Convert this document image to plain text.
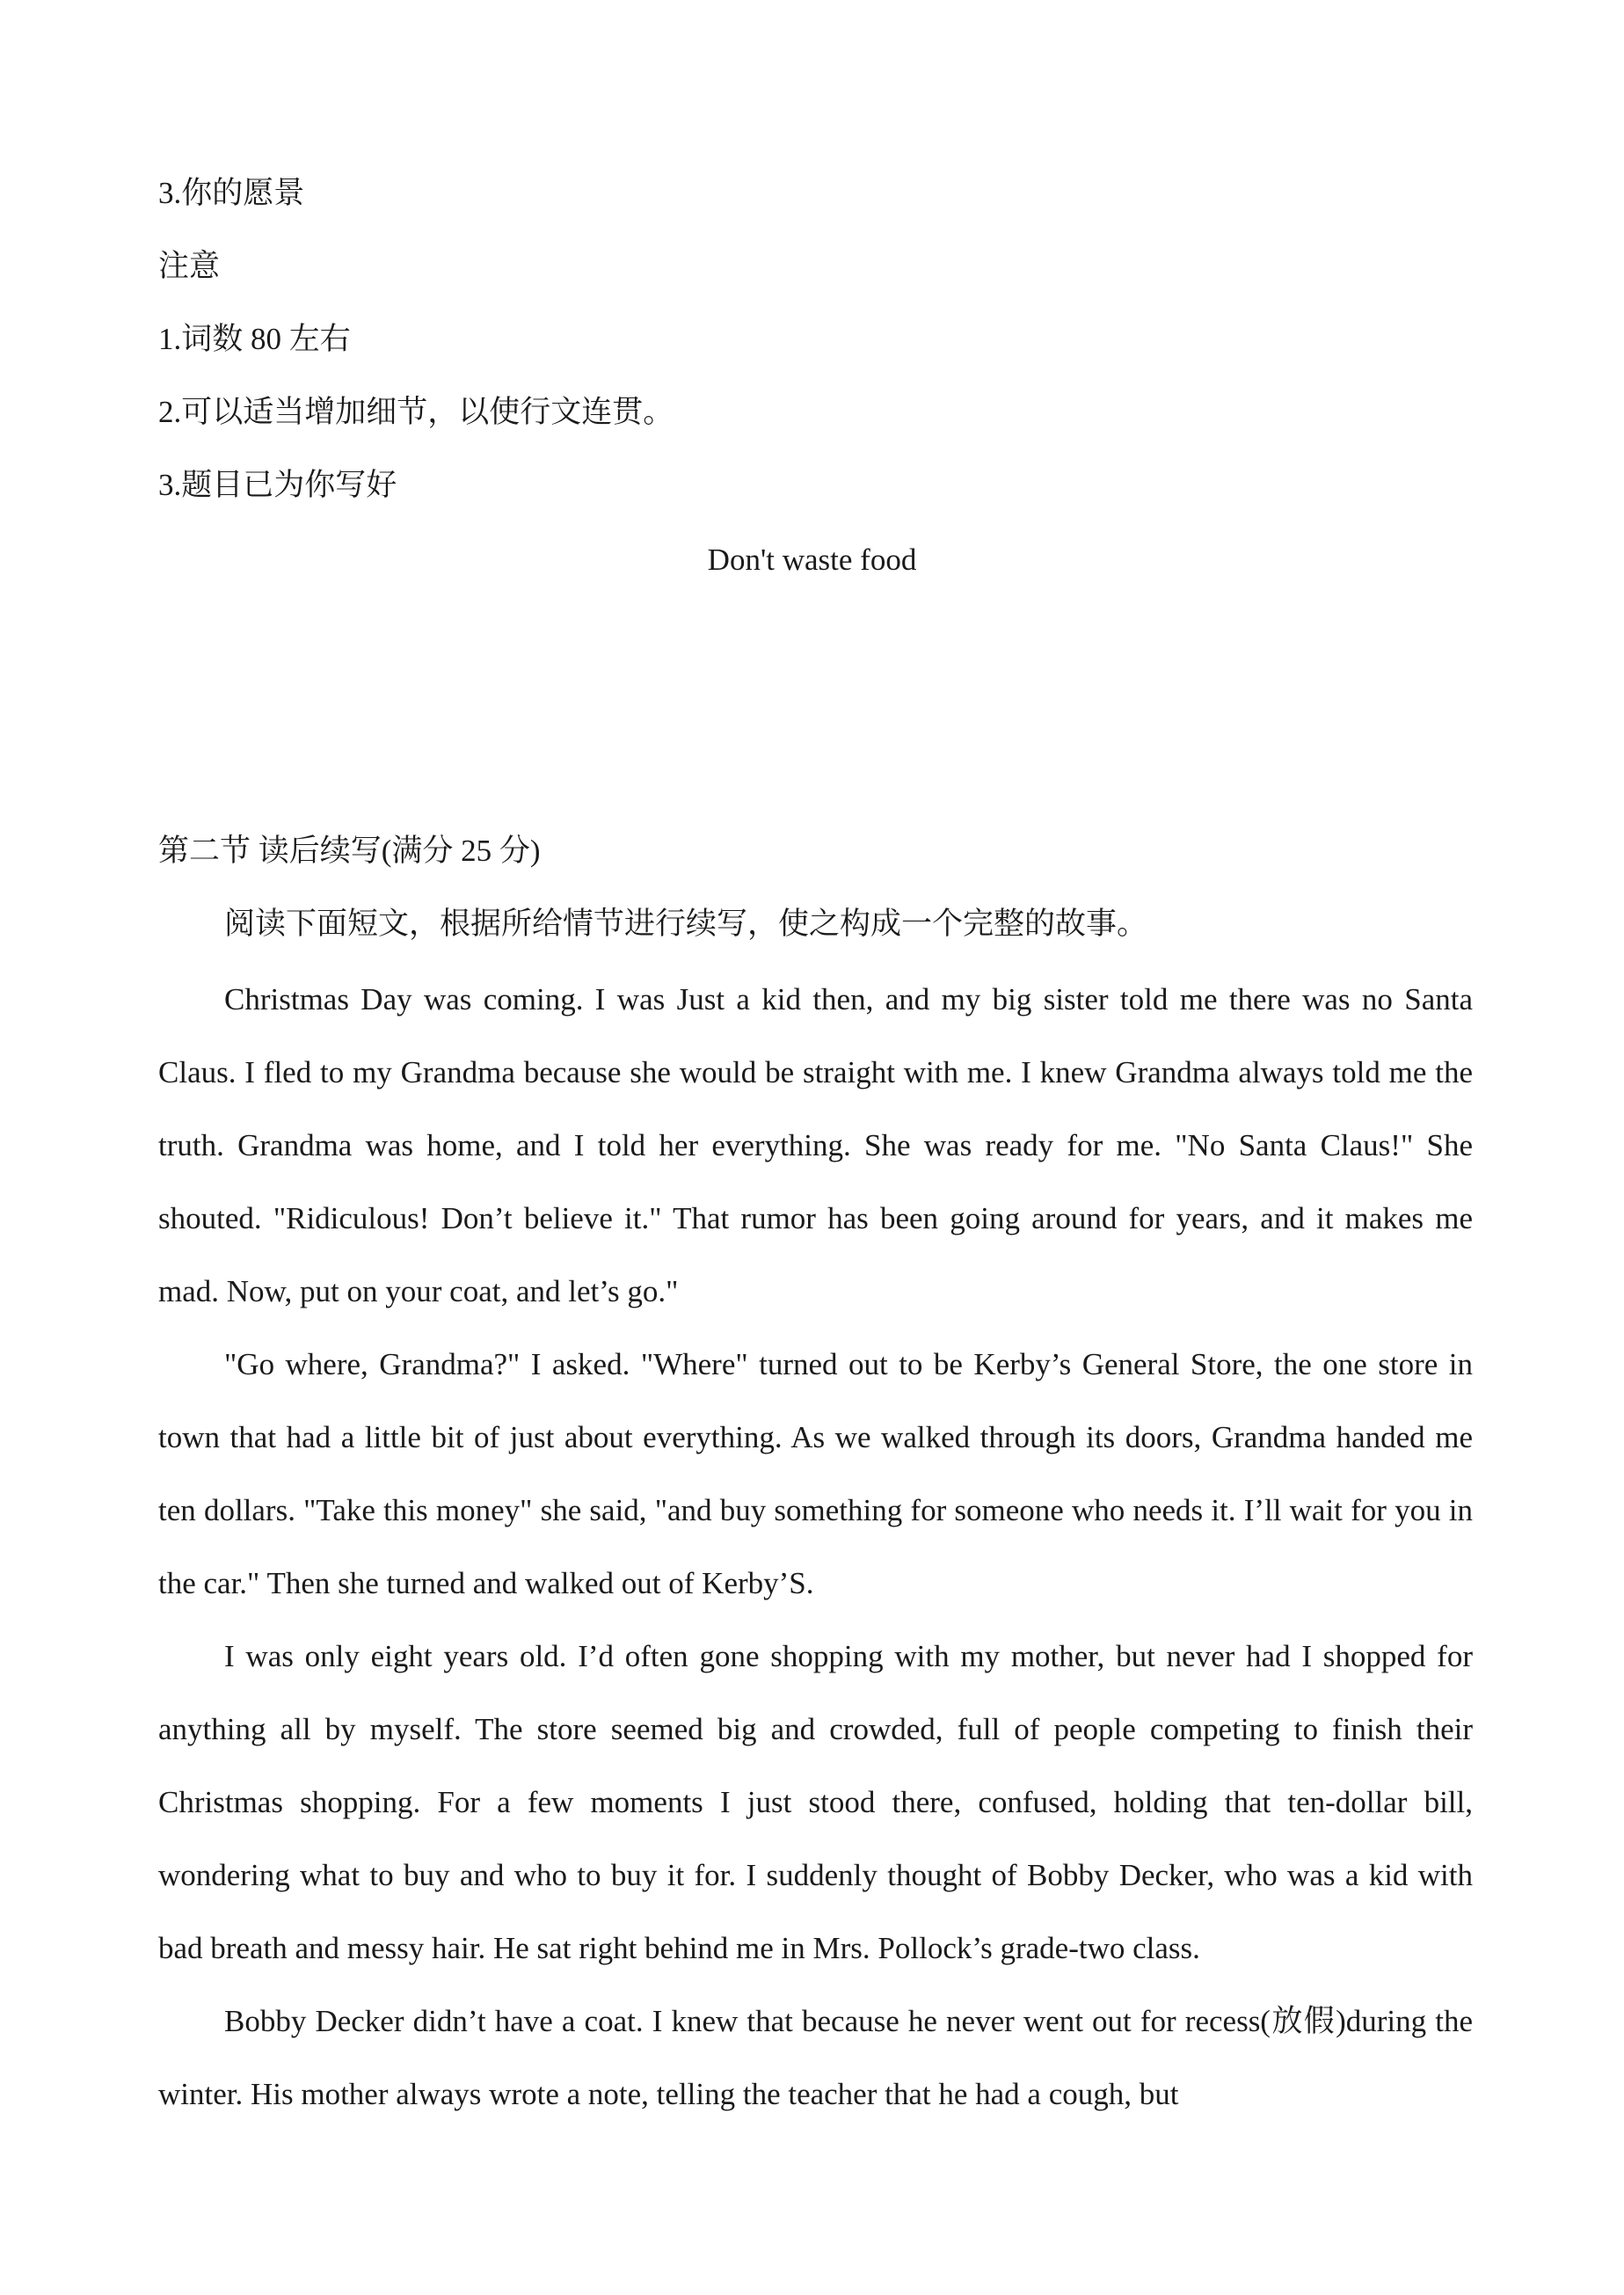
3.你的愿景
注意
1.词数 80 左右
2.可以适当增加细节，以使行文连贯。
3.题目已为你写好
Don't waste food
第二节 读后续写(满分 25 分)
阅读下面短文，根据所给情节进行续写，使之构成一个完整的故事。
Christmas Day was coming. I was Just a kid then, and my big sister told me there was no Santa Claus. I fled to my Grandma because she would be straight with me. I knew Grandma always told me the truth. Grandma was home, and I told her everything. She was ready for me. "No Santa Claus!" She shouted. "Ridiculous! Don’t believe it." That rumor has been going around for years, and it makes me mad. Now, put on your coat, and let’s go."
"Go where, Grandma?" I asked. "Where" turned out to be Kerby’s General Store, the one store in town that had a little bit of just about everything. As we walked through its doors, Grandma handed me ten dollars. "Take this money" she said, "and buy something for someone who needs it. I’ll wait for you in the car." Then she turned and walked out of Kerby’S.
I was only eight years old. I’d often gone shopping with my mother, but never had I shopped for anything all by myself. The store seemed big and crowded, full of people competing to finish their Christmas shopping. For a few moments I just stood there, confused, holding that ten-dollar bill, wondering what to buy and who to buy it for. I suddenly thought of Bobby Decker, who was a kid with bad breath and messy hair. He sat right behind me in Mrs. Pollock’s grade-two class.
Bobby Decker didn’t have a coat. I knew that because he never went out for recess(放假)during the winter. His mother always wrote a note, telling the teacher that he had a cough, but
